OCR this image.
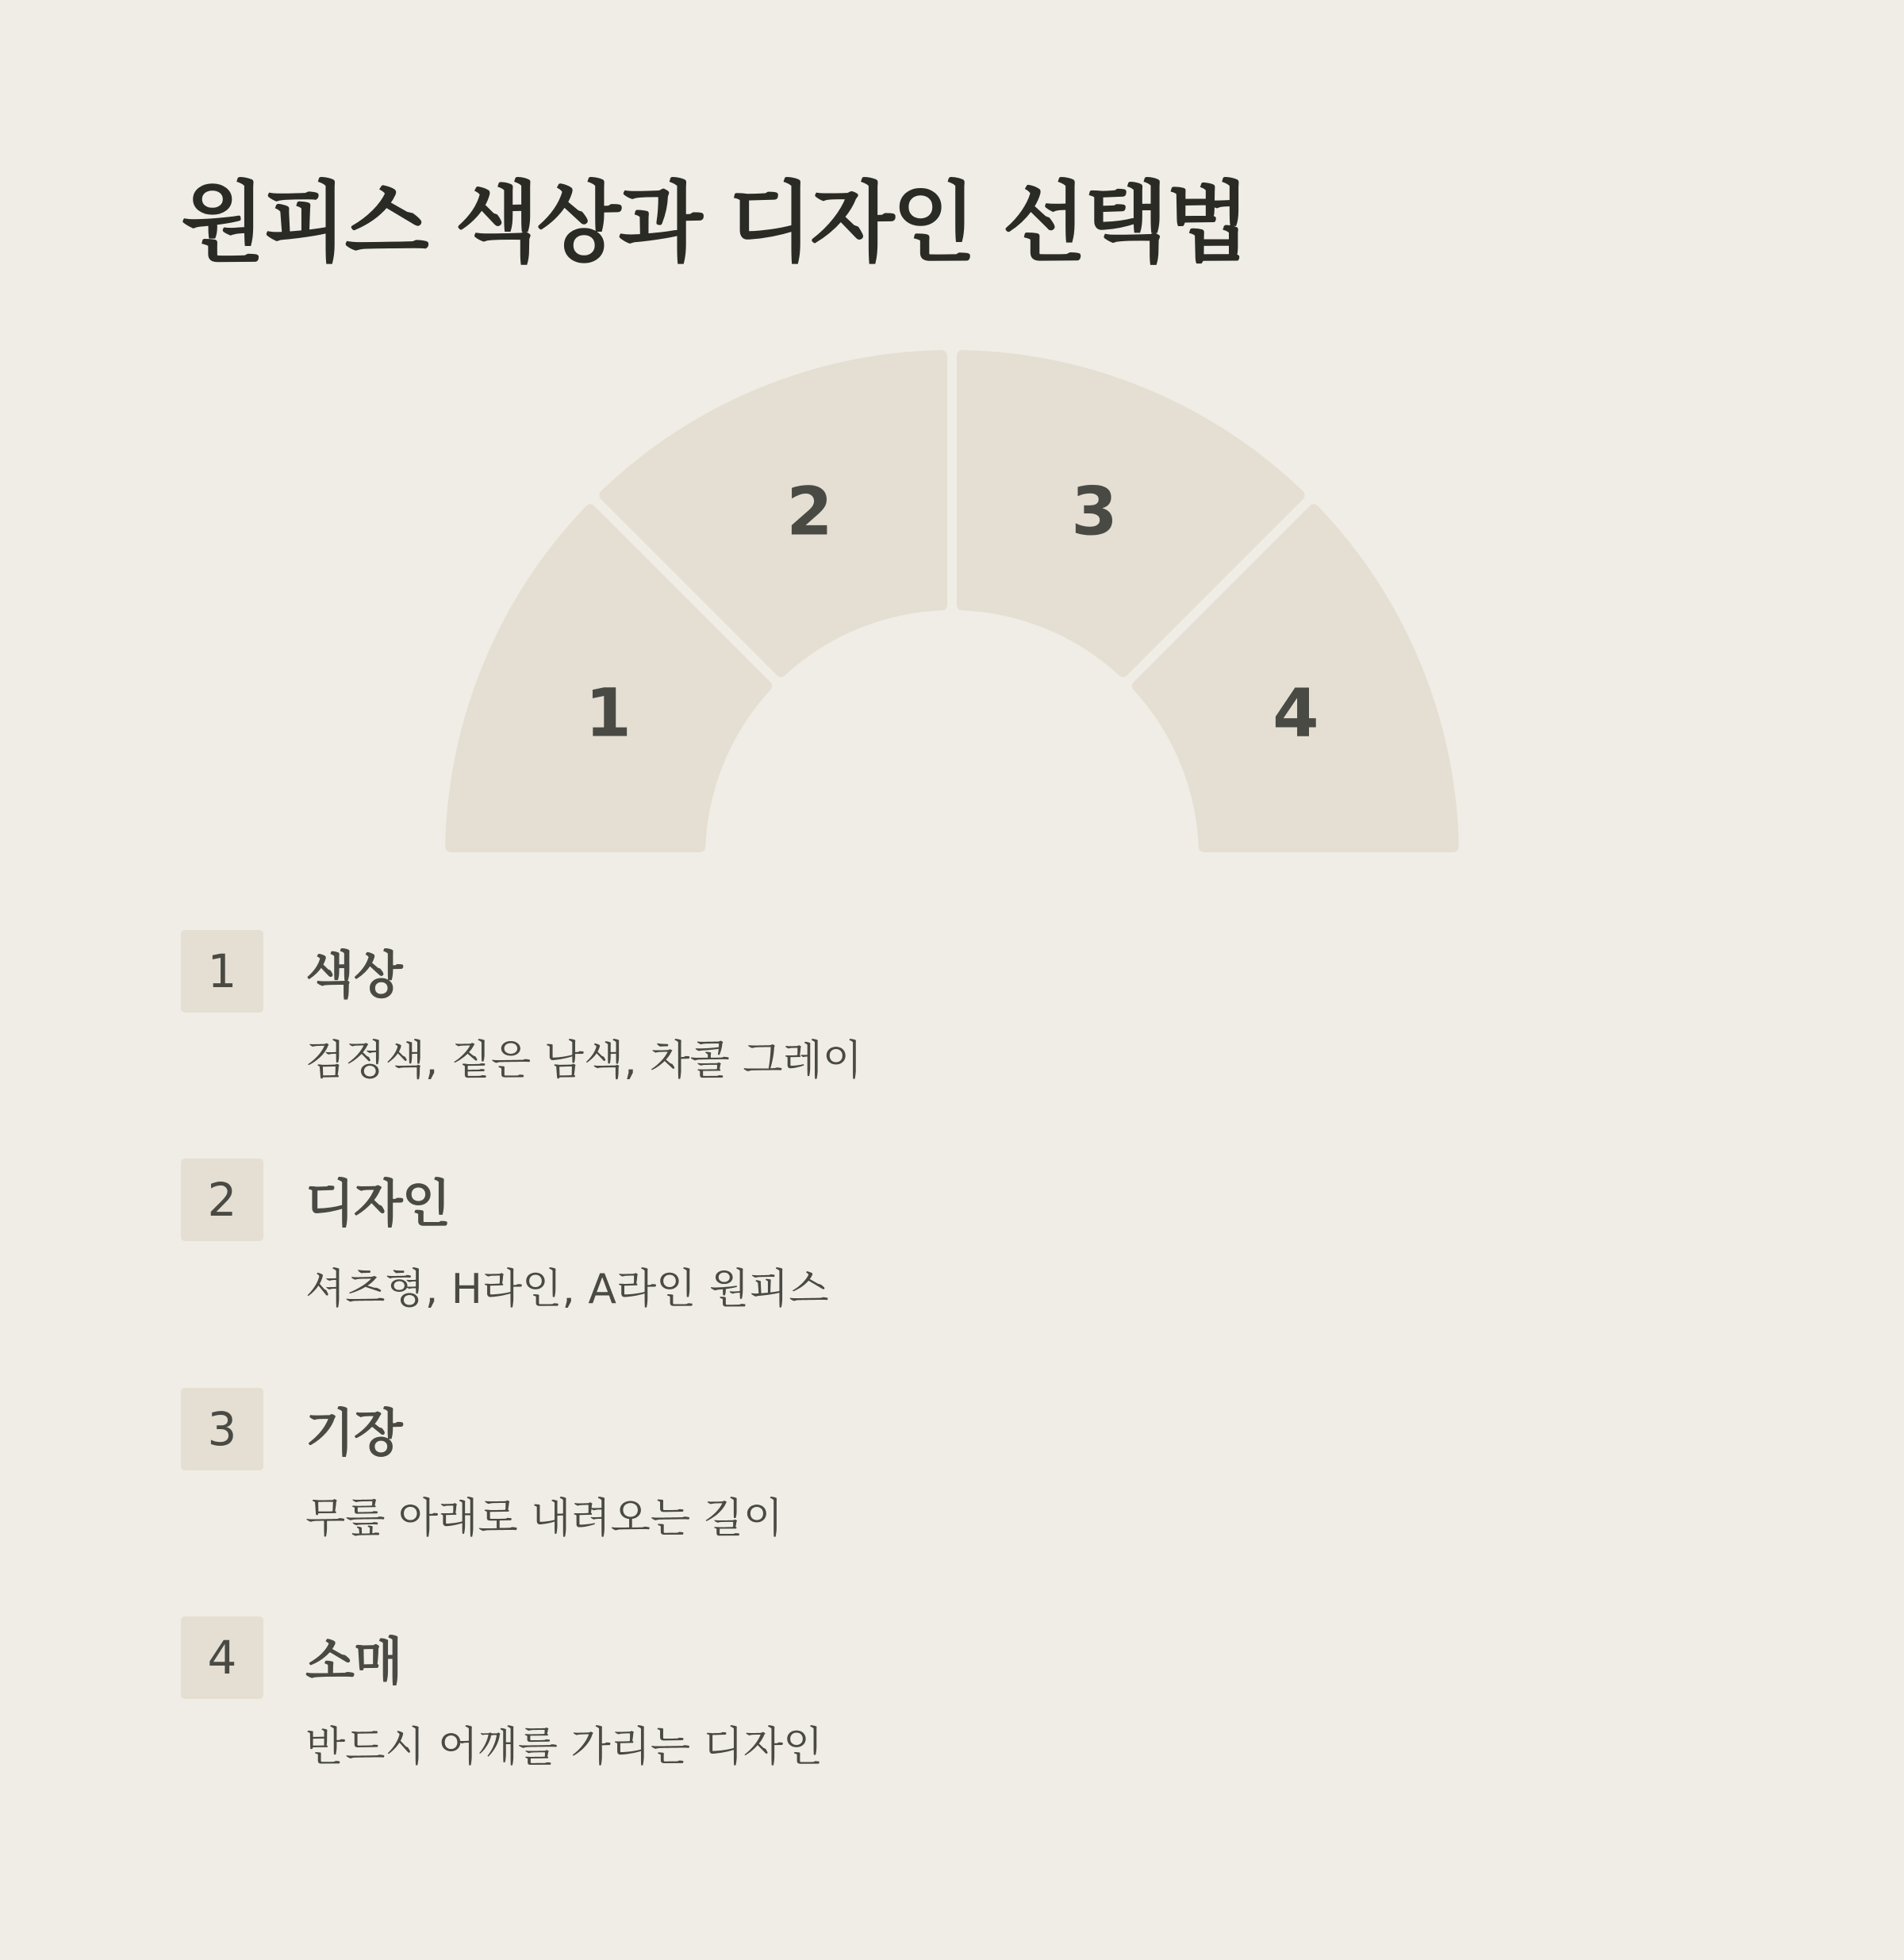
원피스 색상과 디자인 선택법
1
2	3
4
1	색상
검정색, 짙은 남색, 차콜 그레이
2	디자인
셔츠형, H라인, A라인 원피스
3	기장
무릎 아래로 내려오는 길이
4	소매
반드시 어깨를 가리는 디자인
